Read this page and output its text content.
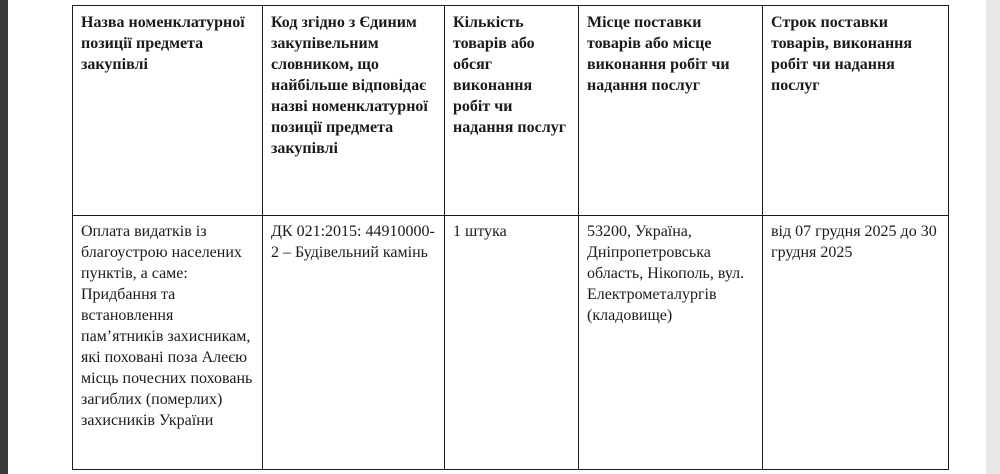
Назва номенклатурної позиції предмета закупівлі	Код згідно з Єдиним закупівельним словником, що найбільше відповідає назві номенклатурної позиції предмета закупівлі	Кількість товарів або обсяг виконання робіт чи надання послуг	Місце поставки товарів або місце виконання робіт чи надання послуг	Строк поставки товарів, виконання робіт чи надання послуг
Оплата видатків із благоустрою населених пунктів, а саме: Придбання та встановлення пам’ятників захисникам, які поховані поза Алеєю місць почесних поховань загиблих (померлих) захисників України	ДК 021:2015: 44910000-2 – Будівельний камінь	1 штука	53200, Україна, Дніпропетровська область, Нікополь, вул. Електрометалургів (кладовище)	від 07 грудня 2025 до 30 грудня 2025
